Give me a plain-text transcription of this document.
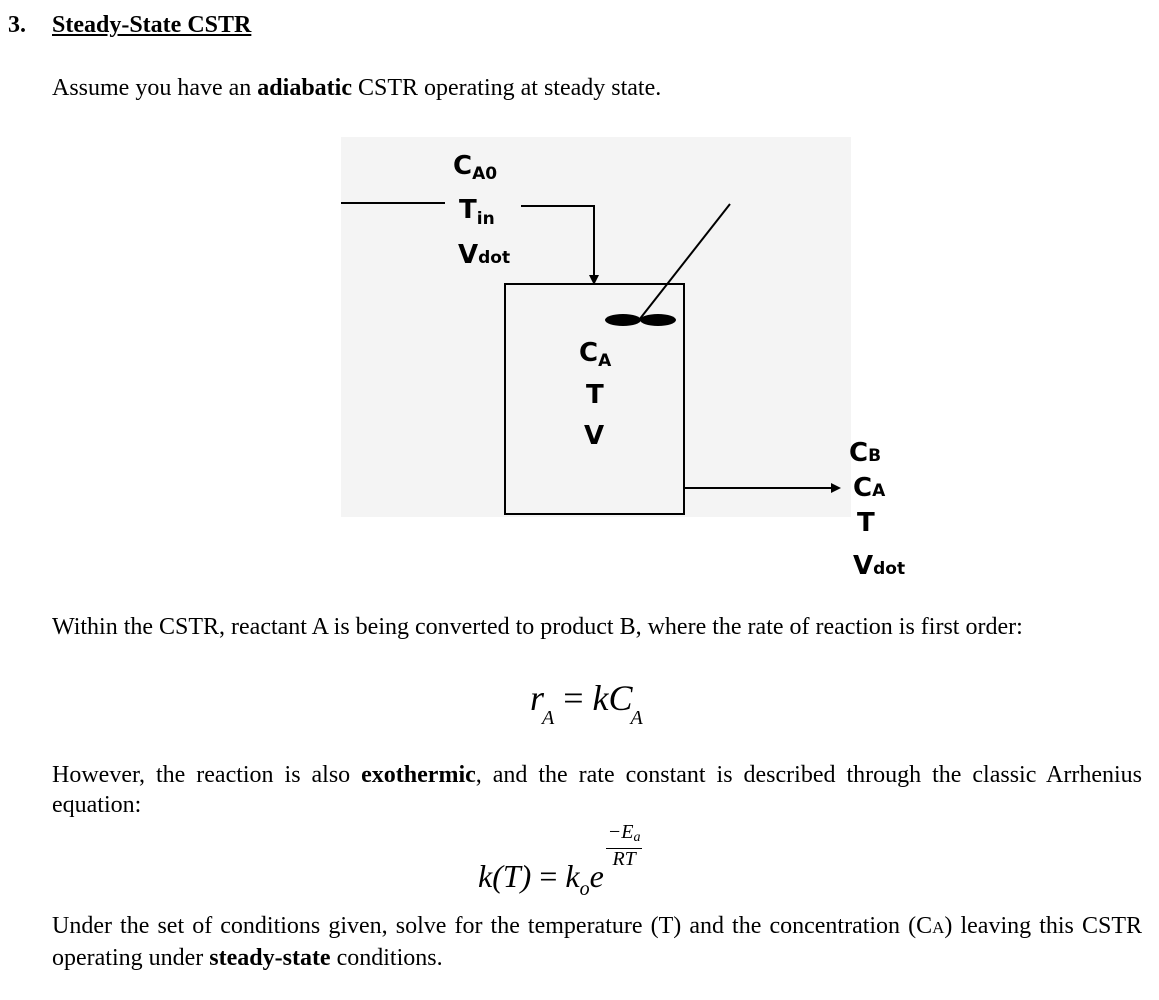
3. Steady-State CSTR
Assume you have an adiabatic CSTR operating at steady state.
CA0
$T_{in}$
Vdot
CA
T
V
CB
CA
T
Vdot
Within the CSTR, reactant A is being converted to product B, where the rate of reaction is first order:
$r_A = kC_A$
However, the reaction is also exothermic, and the rate constant is described through the classic Arrhenius equation:
$k(T) = k_oe$
$\frac{-E_a}{RT}$
Under the set of conditions given, solve for the temperature (T) and the concentration (CA) leaving this CSTR operating under steady-state conditions.
